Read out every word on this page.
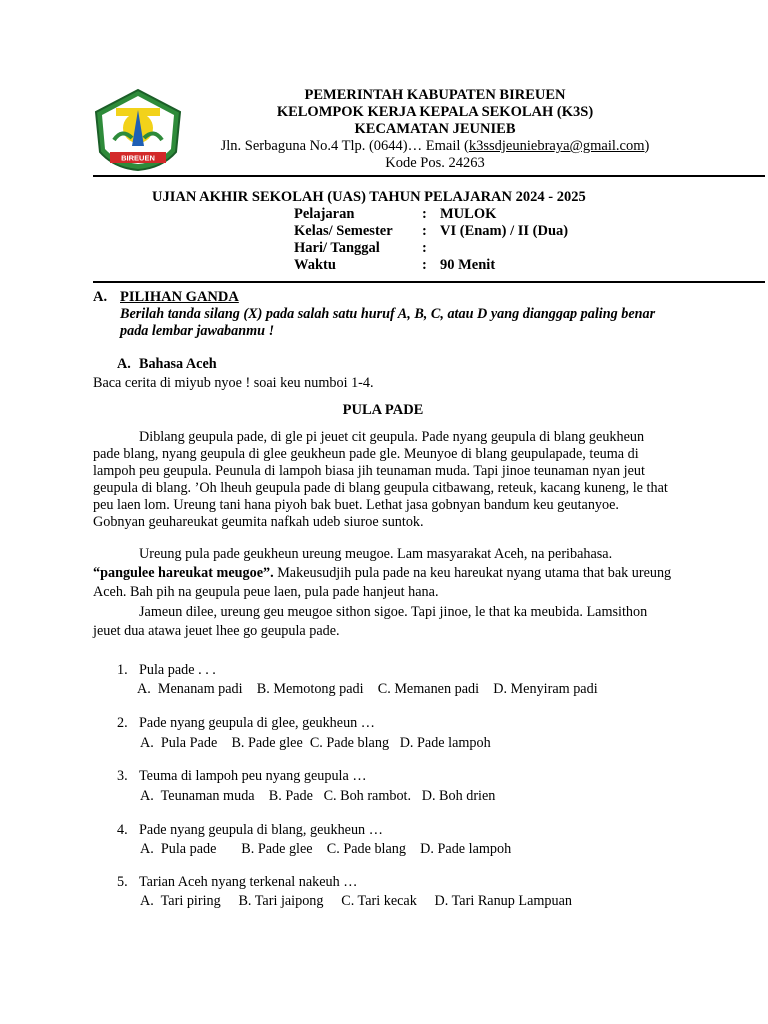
BIREUEN
PEMERINTAH KABUPATEN BIREUEN
KELOMPOK KERJA KEPALA SEKOLAH (K3S)
KECAMATAN JEUNIEB
Jln. Serbaguna No.4 Tlp. (0644)… Email (k3ssdjeuniebraya@gmail.com)
Kode Pos. 24263
UJIAN AKHIR SEKOLAH (UAS) TAHUN PELAJARAN 2024 - 2025
Pelajaran	: MULOK
Kelas/ Semester : VI (Enam) / II (Dua)
Hari/ Tanggal	:
Waktu	: 90 Menit
A. PILIHAN GANDA
Berilah tanda silang (X) pada salah satu huruf A, B, C, atau D yang dianggap paling benar pada lembar jawabanmu !
A. Bahasa Aceh
Baca cerita di miyub nyoe ! soai keu numboi 1-4.
PULA PADE
Diblang geupula pade, di gle pi jeuet cit geupula. Pade nyang geupula di blang geukheun pade blang, nyang geupula di glee geukheun pade gle. Meunyoe di blang geupulapade, teuma di lampoh peu geupula. Peunula di lampoh biasa jih teunaman muda. Tapi jinoe teunaman nyan jeut geupula di blang. ’Oh lheuh geupula pade di blang geupula citbawang, reteuk, kacang kuneng, le that peu laen lom. Ureung tani hana piyoh bak buet. Lethat jasa gobnyan bandum keu geutanyoe. Gobnyan geuhareukat geumita nafkah udeb siuroe suntok.
Ureung pula pade geukheun ureung meugoe. Lam masyarakat Aceh, na peribahasa. “pangulee hareukat meugoe”. Makeusudjih pula pade na keu hareukat nyang utama that bak ureung Aceh. Bah pih na geupula peue laen, pula pade hanjeut hana.
Jameun dilee, ureung geu meugoe sithon sigoe. Tapi jinoe, le that ka meubida. Lamsithon jeuet dua atawa jeuet lhee go geupula pade.
1. Pula pade . . .
A.  Menanam padi B. Memotong padi C. Memanen padi D. Menyiram padi
2. Pade nyang geupula di glee, geukheun …
A.  Pula Pade B. Pade glee C. Pade blang D. Pade lampoh
3. Teuma di lampoh peu nyang geupula …
A.  Teunaman muda B. Pade C. Boh rambot. D. Boh drien
4. Pade nyang geupula di blang, geukheun …
A.  Pula pade B. Pade glee C. Pade blang D. Pade lampoh
5. Tarian Aceh nyang terkenal nakeuh …
A.  Tari piring B. Tari jaipong C. Tari kecak D. Tari Ranup Lampuan
